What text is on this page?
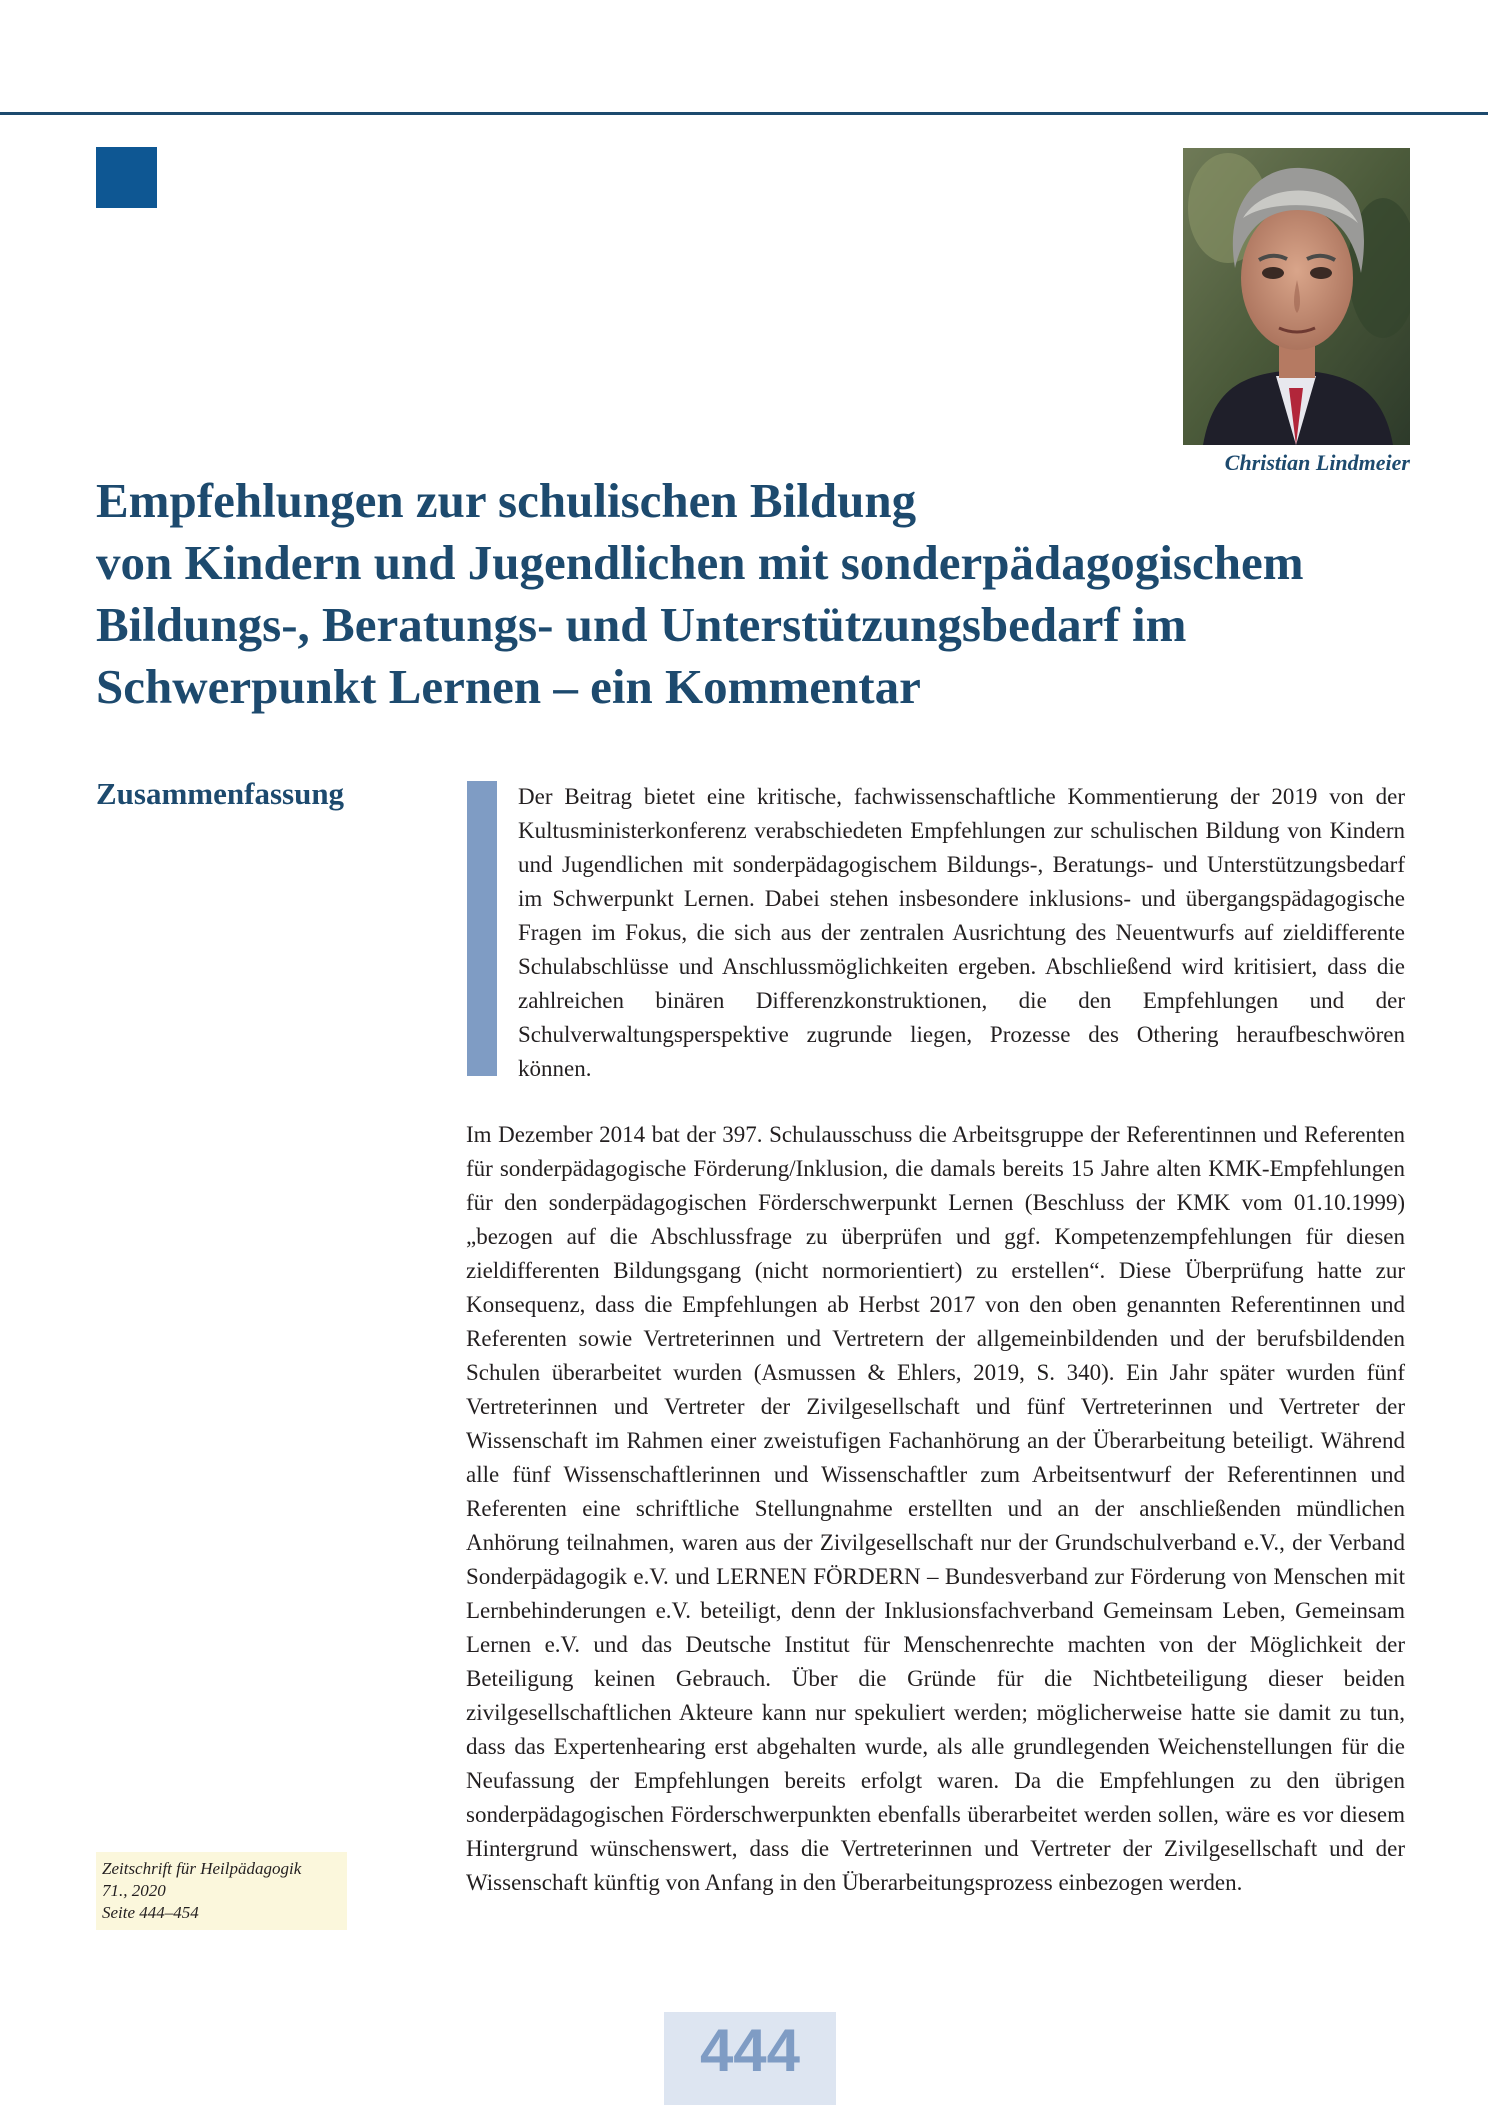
Christian Lindmeier
Empfehlungen zur schulischen Bildung
von Kindern und Jugendlichen mit sonderpädagogischem
Bildungs-, Beratungs- und Unterstützungsbedarf im
Schwerpunkt Lernen – ein Kommentar
Zusammenfassung	Der Beitrag bietet eine kritische, fachwissenschaftliche Kommentierung der 2019 von der Kultusministerkonferenz verabschiedeten Empfehlungen zur schulischen Bildung von Kindern und Jugendlichen mit sonderpädagogischem Bildungs-, Beratungs- und Unterstützungsbedarf im Schwerpunkt Lernen. Dabei stehen insbesondere inklusions- und übergangspädagogische Fragen im Fokus, die sich aus der zentralen Ausrichtung des Neuentwurfs auf zieldifferente Schulabschlüsse und Anschlussmöglichkeiten ergeben. Abschließend wird kritisiert, dass die zahlreichen binären Differenzkonstruktionen, die den Empfehlungen und der Schulverwaltungsperspektive zugrunde liegen, Prozesse des Othering heraufbeschwören können.

Im Dezember 2014 bat der 397. Schulausschuss die Arbeitsgruppe der Referentinnen und Referenten für sonderpädagogische Förderung/Inklusion, die damals bereits 15 Jahre alten KMK-Empfehlungen für den sonderpädagogischen Förderschwerpunkt Lernen (Beschluss der KMK vom 01.10.1999) „bezogen auf die Abschlussfrage zu überprüfen und ggf. Kompetenzempfehlungen für diesen zieldifferenten Bildungsgang (nicht normorientiert) zu erstellen“. Diese Überprüfung hatte zur Konsequenz, dass die Empfehlungen ab Herbst 2017 von den oben genannten Referentinnen und Referenten sowie Vertreterinnen und Vertretern der allgemeinbildenden und der berufsbildenden Schulen überarbeitet wurden (Asmussen & Ehlers, 2019, S. 340). Ein Jahr später wurden fünf Vertreterinnen und Vertreter der Zivilgesellschaft und fünf Vertreterinnen und Vertreter der Wissenschaft im Rahmen einer zweistufigen Fachanhörung an der Überarbeitung beteiligt. Während alle fünf Wissenschaftlerinnen und Wissenschaftler zum Arbeitsentwurf der Referentinnen und Referenten eine schriftliche Stellungnahme erstellten und an der anschließenden mündlichen Anhörung teilnahmen, waren aus der Zivilgesellschaft nur der Grundschulverband e.V., der Verband Sonderpädagogik e.V. und LERNEN FÖRDERN – Bundesverband zur Förderung von Menschen mit Lernbehinderungen e.V. beteiligt, denn der Inklusionsfachverband Gemeinsam Leben, Gemeinsam Lernen e.V. und das Deutsche Institut für Menschenrechte machten von der Möglichkeit der Beteiligung keinen Gebrauch. Über die Gründe für die Nichtbeteiligung dieser beiden zivilgesellschaftlichen Akteure kann nur spekuliert werden; möglicherweise hatte sie damit zu tun, dass das Expertenhearing erst abgehalten wurde, als alle grundlegenden Weichenstellungen für die Neufassung der Empfehlungen bereits erfolgt waren. Da die Empfehlungen zu den übrigen sonderpädagogischen Förderschwerpunkten ebenfalls überarbeitet werden sollen, wäre es vor diesem Hintergrund wünschenswert, dass die Vertreterinnen und Vertreter der Zivilgesellschaft und der Wissenschaft künftig von Anfang in den Überarbeitungsprozess einbezogen werden.

Zeitschrift für Heilpädagogik
71., 2020
Seite 444–454
444
